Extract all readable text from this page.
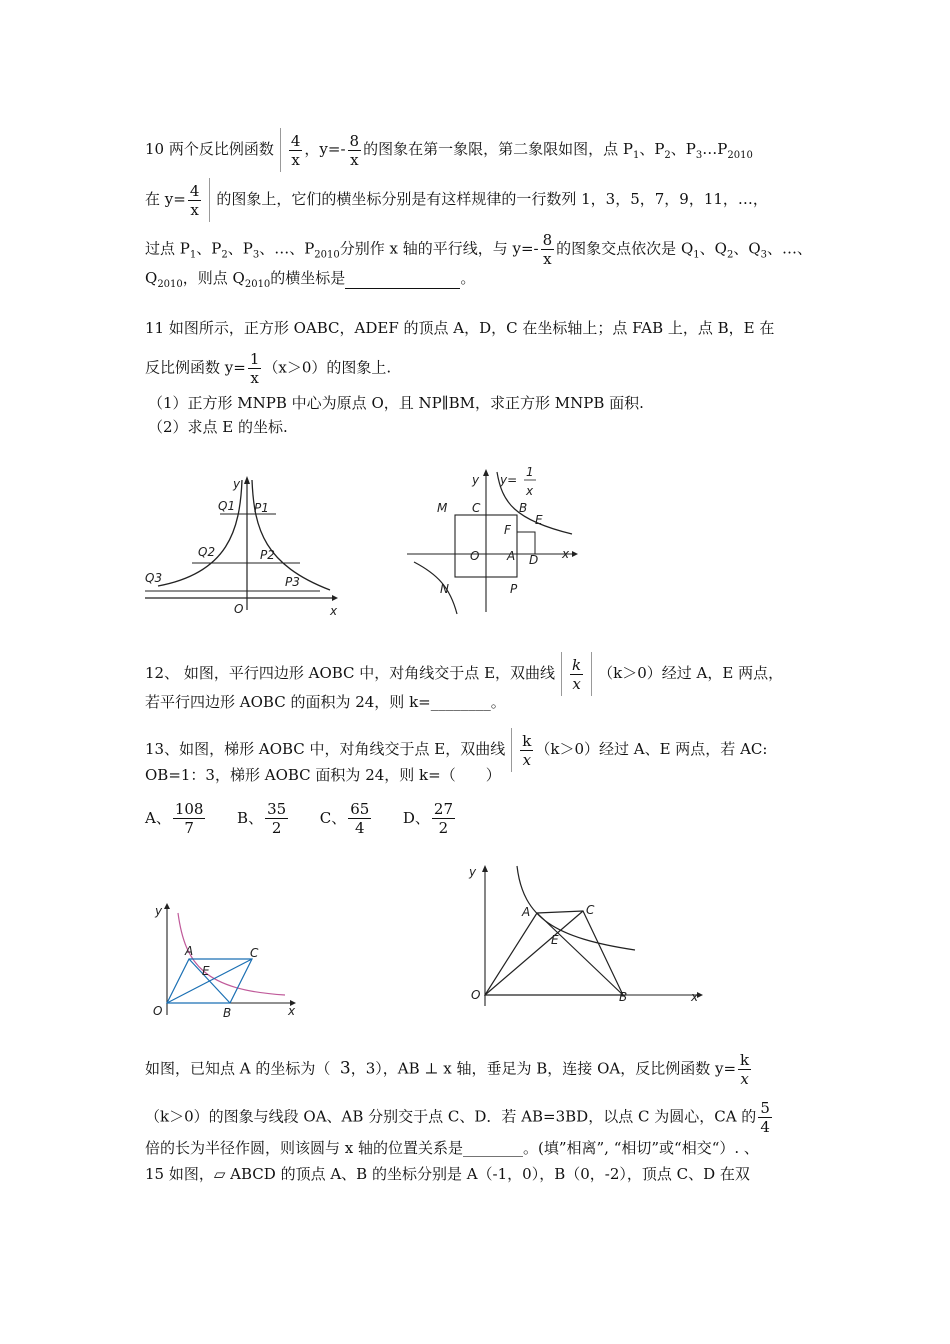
10 两个反比例函数 $\frac{4}{x}$ ，$y=- \frac{8}{x}$ 的图象在第一象限，第二象限如图，点 $P_1$、$P_2$、$P_3\dots P_{2010}$
在 $y= \frac{4}{x}$ 的图象上，它们的横坐标分别是有这样规律的一行数列 1，3，5，7，9，11，…，
过点 $P_1$、$P_2$、$P_3$、…、$P_{2010}$分别作 x 轴的平行线，与 $y=- \frac{8}{x}$ 的图象交点依次是 $Q_1$、$Q_2$、$Q_3$、…、
$Q_{2010}$，则点 $Q_{2010}$的横坐标是	。
11 如图所示，正方形 OABC，ADEF 的顶点 A，D，C 在坐标轴上；点 FAB 上，点 B，E 在
反比例函数 $y= \frac{1}{x} (x>0)$的图象上.
（1）正方形 MNPB 中心为原点 O，且 NP∥BM，求正方形 MNPB 面积.
（2）求点 E 的坐标.
y
Q1 P1
Q2	P2
Q3	P3
O	x
y y=
1
x
M C	B
E
F
O A D x
N	P
12、 如图，平行四边形 AOBC 中，对角线交于点 E，双曲线 $\frac{k}{x} (k>0)$经过 A，E 两点，
若平行四边形 AOBC 的面积为 24，则 k=________。
13、如图，梯形 AOBC 中，对角线交于点 E，双曲线 $\frac{k}{x} (k>0)$经过 A、E 两点，若 AC:
OB=1：3，梯形 AOBC 面积为 24，则 k=（　　）
A、 $\frac{108}{7}$ B、 $\frac{35}{2}$ C、 $\frac{65}{4}$ D、 $\frac{27}{2}$
y
A	C
E
O	B	x
y
A	C
E
O	B	x
如图，已知点 A 的坐标为（ 3，3），AB ⊥ x 轴，垂足为 B，连接 OA，反比例函数 $y= \frac{k}{x}$
（k＞0）的图象与线段 OA、AB 分别交于点 C、D．若 AB=3BD，以点 C 为圆心，CA 的 $\frac{5}{4}$
倍的长为半径作圆，则该圆与 x 轴的位置关系是________。(填”相离”, “相切”或“相交“）. 、
15 如图，▱ ABCD 的顶点 A、B 的坐标分别是 A（-1，0），B（0，-2），顶点 C、D 在双
